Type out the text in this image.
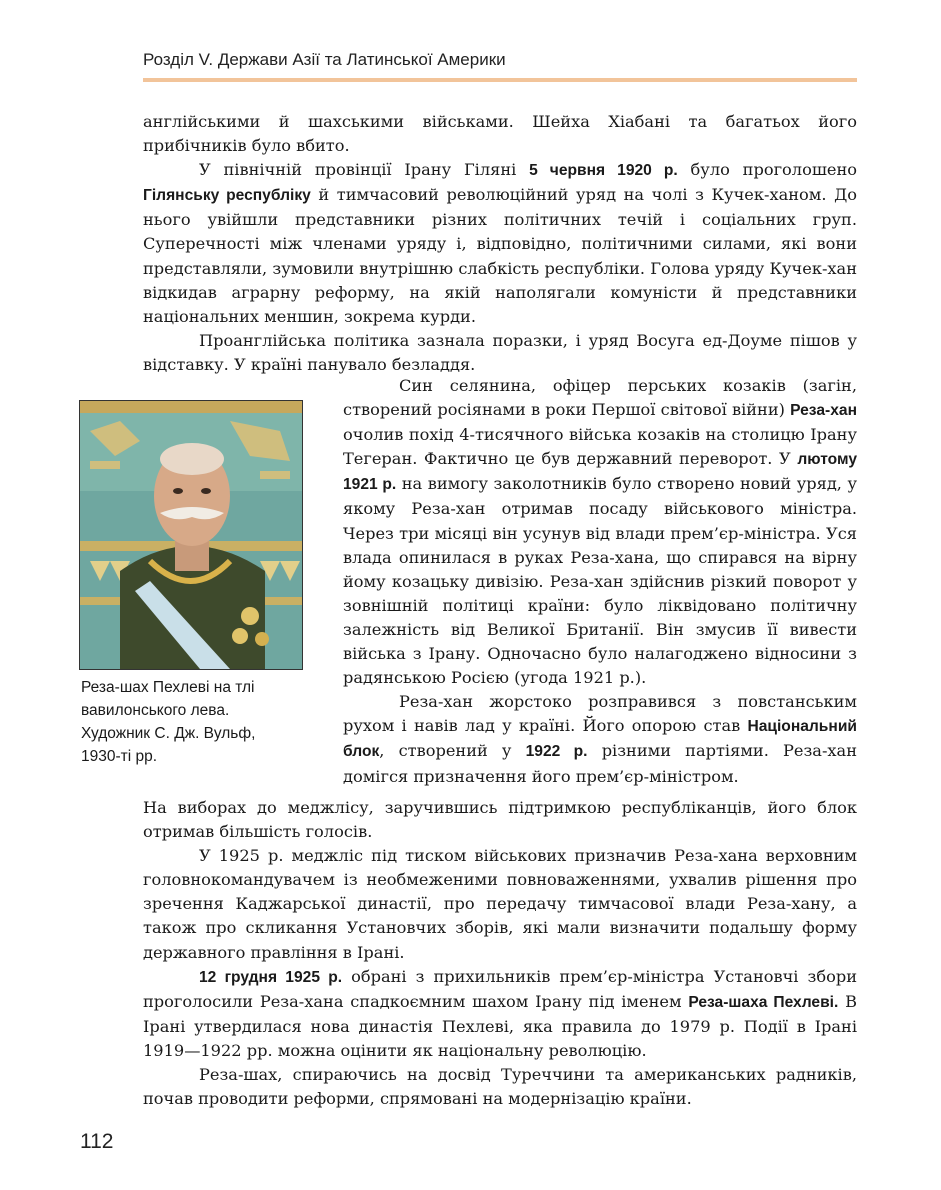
Розділ V. Держави Азії та Латинської Америки

англійськими й шахськими військами. Шейха Хіабані та багатьох його прибічників було вбито.

У північній провінції Ірану Гіляні 5 червня 1920 р. було проголошено Гілянську республіку й тимчасовий революційний уряд на чолі з Кучек-ханом. До нього увійшли представники різних політичних течій і соціальних груп. Суперечності між членами уряду і, відповідно, політичними силами, які вони представляли, зумовили внутрішню слабкість республіки. Голова уряду Кучек-хан відкидав аграрну реформу, на якій наполягали комуністи й представники національних меншин, зокрема курди.

Проанглійська політика зазнала поразки, і уряд Восуга ед-Доуме пішов у відставку. У країні панувало безладдя.

Син селянина, офіцер перських козаків (загін, створений росіянами в роки Першої світової війни) Реза-хан очолив похід 4-тисячного війська козаків на столицю Ірану Тегеран. Фактично це був державний переворот. У лютому 1921 р. на вимогу заколотників було створено новий уряд, у якому Реза-хан отримав посаду військового міністра. Через три місяці він усунув від влади прем’єр-міністра. Уся влада опинилася в руках Реза-хана, що спирався на вірну йому козацьку дивізію. Реза-хан здійснив різкий поворот у зовнішній політиці країни: було ліквідовано політичну залежність від Великої Британії. Він змусив її вивести війська з Ірану. Одночасно було налагоджено відносини з радянською Росією (угода 1921 р.).

Реза-хан жорстоко розправився з повстанським рухом і навів лад у країні. Його опорою став Національний блок, створений у 1922 р. різними партіями. Реза-хан домігся призначення його прем’єр-міністром.

Реза-шах Пехлеві на тлі
вавилонського лева.
Художник С. Дж. Вульф,
1930-ті рр.

На виборах до меджлісу, заручившись підтримкою республіканців, його блок отримав більшість голосів.

У 1925 р. меджліс під тиском військових призначив Реза-хана верховним головнокомандувачем із необмеженими повноваженнями, ухвалив рішення про зречення Каджарської династії, про передачу тимчасової влади Реза-хану, а також про скликання Установчих зборів, які мали визначити подальшу форму державного правління в Ірані.

12 грудня 1925 р. обрані з прихильників прем’єр-міністра Установчі збори проголосили Реза-хана спадкоємним шахом Ірану під іменем Реза-шаха Пехлеві. В Ірані утвердилася нова династія Пехлеві, яка правила до 1979 р. Події в Ірані 1919—1922 рр. можна оцінити як національну революцію.

Реза-шах, спираючись на досвід Туреччини та американських радників, почав проводити реформи, спрямовані на модернізацію країни.

112
